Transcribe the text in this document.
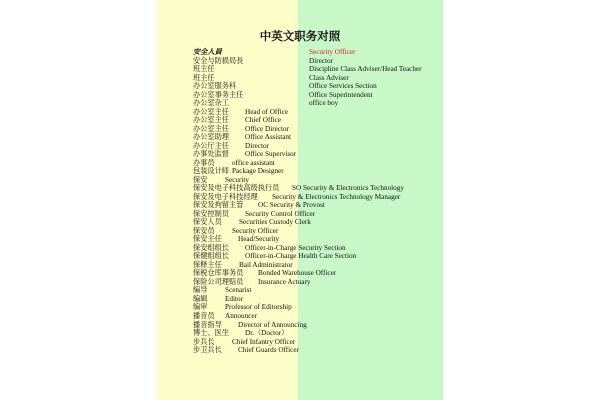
中英文职务对照
安全人員	Security Officer
安全与防损局長	Director
班主任	Discipline Class Adviser/Head Teacher
班主任	Class Adviser
办公室服务科	Office Services Section
办公室事务主任	Office Superintendent
办公室杂工	office boy
办公室主任 Head of Office
办公室主任 Chief Office
办公室主任 Office Director
办公室助理 Office Assistant
办公厅主任 Director
办事处监督 Office Supervisor
办事员 office assistant
包装设计师 Package Designer
保安 Security
保安及电子科技高级执行员 SO Security & Electronics Technology
保安及电子科技经理 Security & Electronics Technology Manager
保安及拘留主管 OC Security & Provost
保安控制员 Security Control Officer
保安人员 Securities Custody Clerk
保安员 Security Officer
保安主任 Head/Security
保安组组长 Officer-in-Charge Security Section
保健组组长 Officer-in-Charge Health Care Section
保释主任 Bail Administrator
保税仓库事务员 Bonded Warehouse Officer
保险公司理赔员 Insurance Actuary
编导 Scenarist
编辑 Editor
编审 Professor of Editorship
播音员 Announcer
播音指导 Director of Announcing
博士、医生 Dr.（Doctor）
步兵长 Chief Infantry Officer
步卫兵长 Chief Guards Officer
